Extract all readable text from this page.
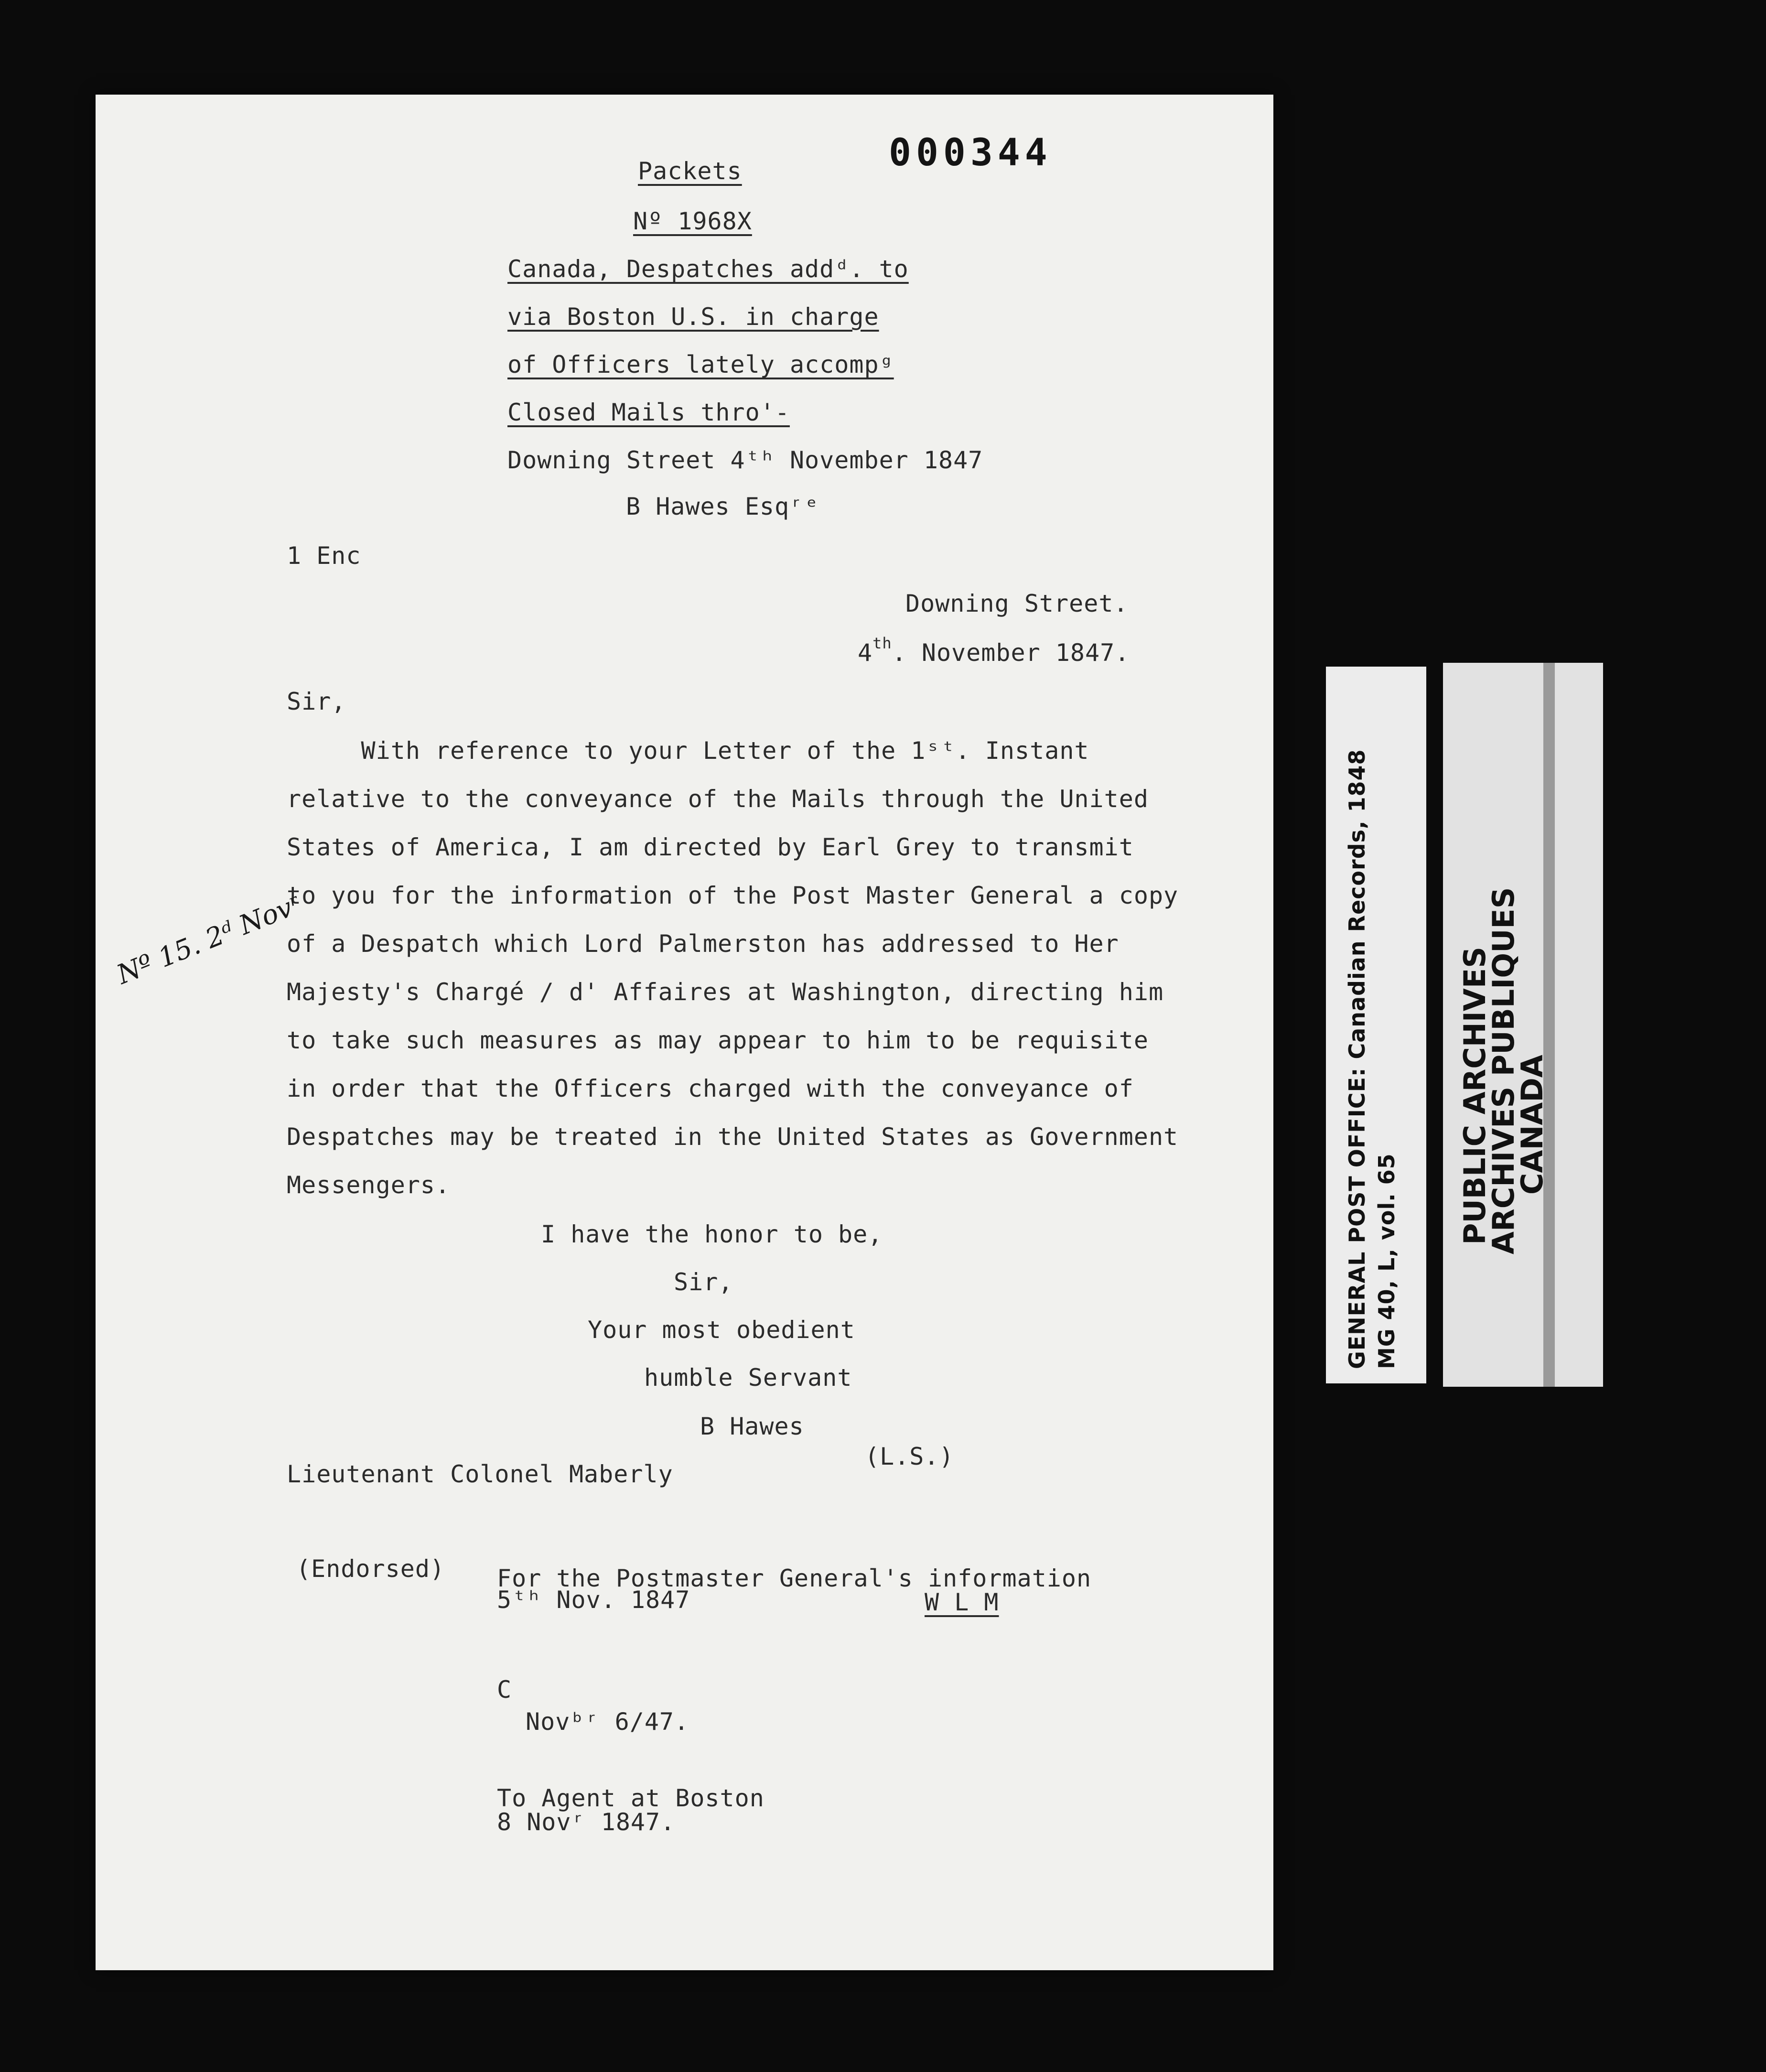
000344

Packets

Nº 1968X

Canada, Despatches addᵈ. to

via Boston U.S. in charge

of Officers lately accompᵍ

Closed Mails thro'-

Downing Street 4ᵗʰ November 1847

B Hawes Esqʳᵉ

1 Enc

Downing Street.

4th. November 1847.

Sir,

With reference to your Letter of the 1ˢᵗ. Instant

relative to the conveyance of the Mails through the United

States of America, I am directed by Earl Grey to transmit

to you for the information of the Post Master General a copy

of a Despatch which Lord Palmerston has addressed to Her

Majesty's Chargé / d' Affaires at Washington, directing him

to take such measures as may appear to him to be requisite

in order that the Officers charged with the conveyance of

Despatches may be treated in the United States as Government

Messengers.

Nº 15. 2ᵈ Novʳ

I have the honor to be,

Sir,

Your most obedient

humble Servant

B Hawes

(L.S.)

Lieutenant Colonel Maberly

(Endorsed) For the Postmaster General's information

5ᵗʰ Nov. 1847	W L M

C

Novᵇʳ 6/47.

To Agent at Boston

8 Novʳ 1847.

GENERAL POST OFFICE: Canadian Records, 1848 MG 40, L, vol. 65

PUBLIC ARCHIVES

ARCHIVES PUBLIQUES

CANADA
